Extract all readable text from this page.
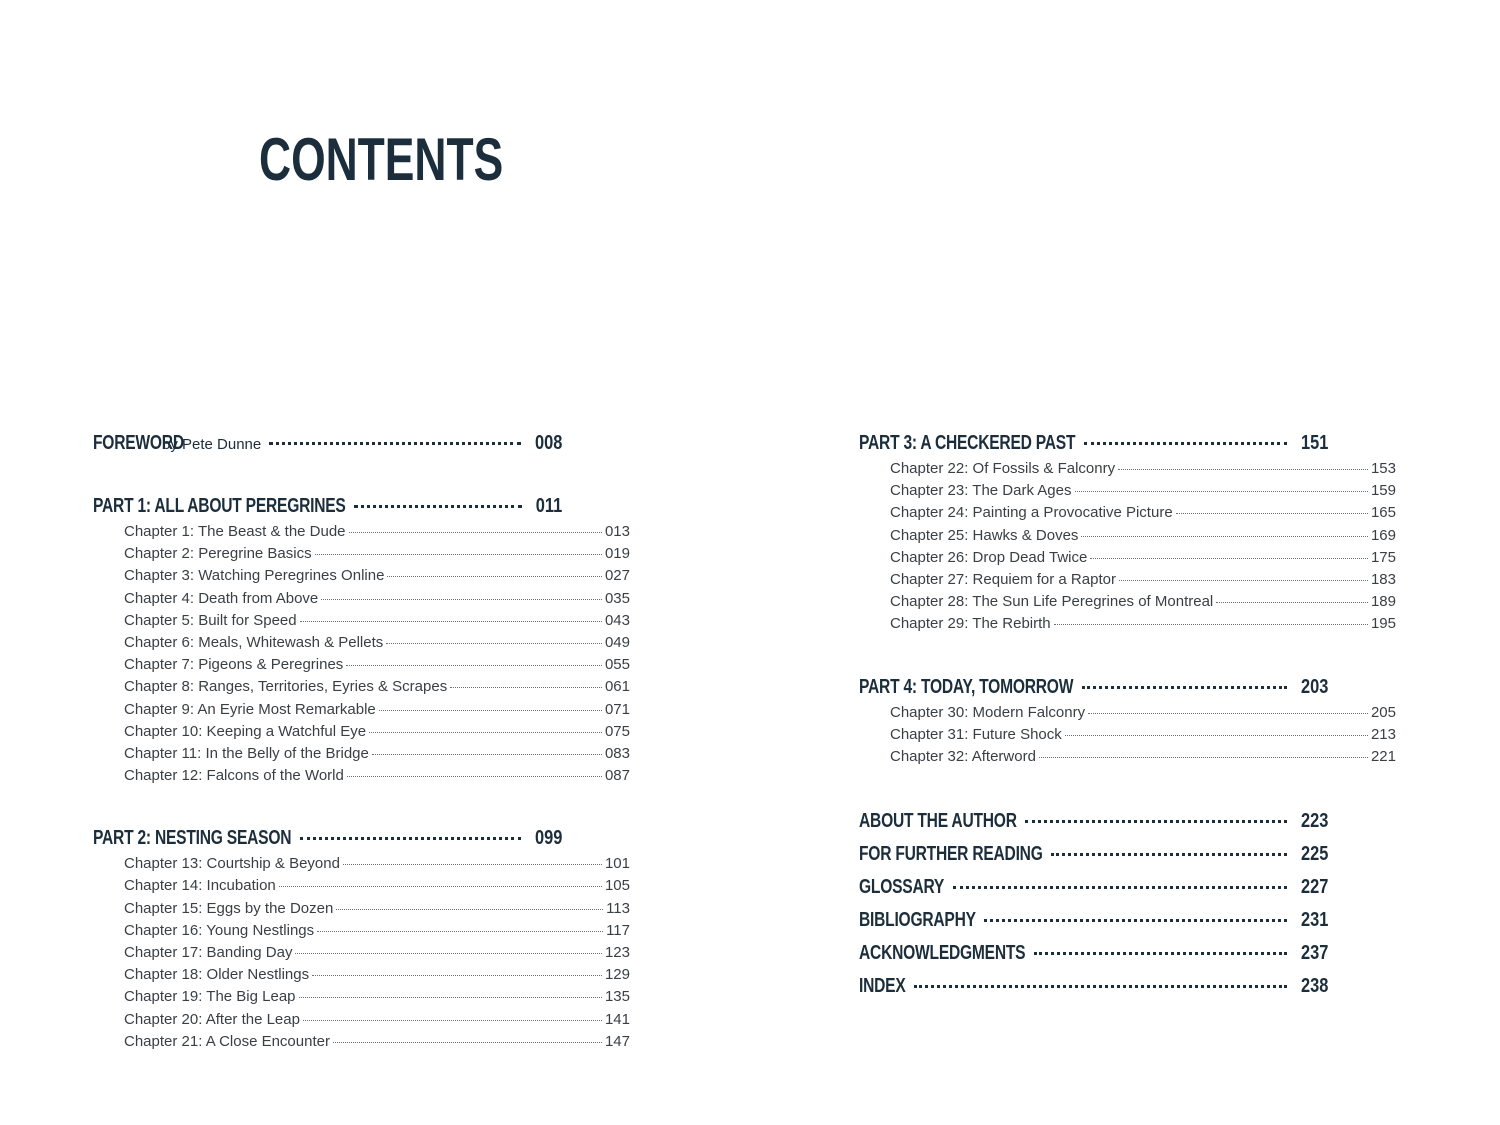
CONTENTS
FOREWORD
by Pete Dunne	008
PART 1: ALL ABOUT PEREGRINES	011
Chapter 1: The Beast & the Dude	013
Chapter 2: Peregrine Basics	019
Chapter 3: Watching Peregrines Online	027
Chapter 4: Death from Above	035
Chapter 5: Built for Speed	043
Chapter 6: Meals, Whitewash & Pellets	049
Chapter 7: Pigeons & Peregrines	055
Chapter 8: Ranges, Territories, Eyries & Scrapes	061
Chapter 9: An Eyrie Most Remarkable	071
Chapter 10: Keeping a Watchful Eye	075
Chapter 11: In the Belly of the Bridge	083
Chapter 12: Falcons of the World	087
PART 2: NESTING SEASON	099
Chapter 13: Courtship & Beyond	101
Chapter 14: Incubation	105
Chapter 15: Eggs by the Dozen	113
Chapter 16: Young Nestlings	117
Chapter 17: Banding Day	123
Chapter 18: Older Nestlings	129
Chapter 19: The Big Leap	135
Chapter 20: After the Leap	141
Chapter 21: A Close Encounter	147
PART 3: A CHECKERED PAST	151
Chapter 22: Of Fossils & Falconry	153
Chapter 23: The Dark Ages	159
Chapter 24: Painting a Provocative Picture	165
Chapter 25: Hawks & Doves	169
Chapter 26: Drop Dead Twice	175
Chapter 27: Requiem for a Raptor	183
Chapter 28: The Sun Life Peregrines of Montreal	189
Chapter 29: The Rebirth	195
PART 4: TODAY, TOMORROW	203
Chapter 30: Modern Falconry	205
Chapter 31: Future Shock	213
Chapter 32: Afterword	221
ABOUT THE AUTHOR	223
FOR FURTHER READING	225
GLOSSARY	227
BIBLIOGRAPHY	231
ACKNOWLEDGMENTS	237
INDEX	238
